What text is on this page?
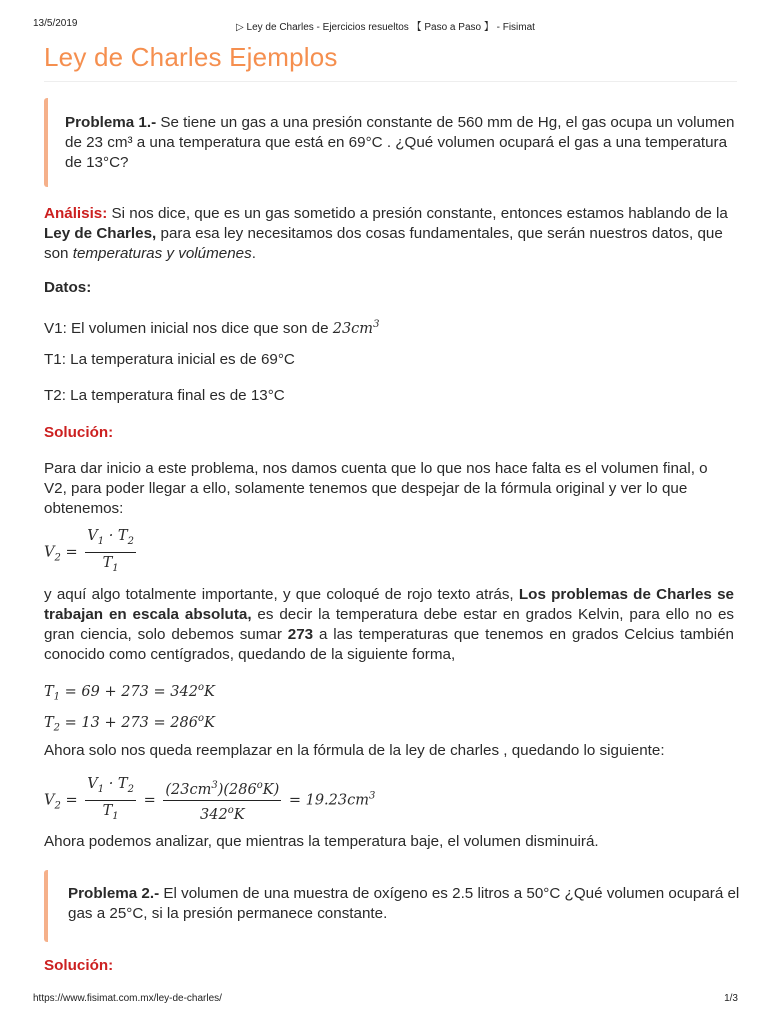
13/5/2019	▷ Ley de Charles - Ejercicios resueltos 【 Paso a Paso 】 - Fisimat
Ley de Charles Ejemplos
Problema 1.- Se tiene un gas a una presión constante de 560 mm de Hg, el gas ocupa un volumen de 23 cm³ a una temperatura que está en 69°C . ¿Qué volumen ocupará el gas a una temperatura de 13°C?

Análisis: Si nos dice, que es un gas sometido a presión constante, entonces estamos hablando de la Ley de Charles, para esa ley necesitamos dos cosas fundamentales, que serán nuestros datos, que son temperaturas y volúmenes.

Datos:

V1: El volumen inicial nos dice que son de $23cm^3$

T1: La temperatura inicial es de 69°C

T2: La temperatura final es de 13°C

Solución:

Para dar inicio a este problema, nos damos cuenta que lo que nos hace falta es el volumen final, o V2, para poder llegar a ello, solamente tenemos que despejar de la fórmula original y ver lo que obtenemos:

$V_2 = \frac{V_1 \cdot T_2}{T_1}$

y aquí algo totalmente importante, y que coloqué de rojo texto atrás, Los problemas de Charles se trabajan en escala absoluta, es decir la temperatura debe estar en grados Kelvin, para ello no es gran ciencia, solo debemos sumar 273 a las temperaturas que tenemos en grados Celcius también conocido como centígrados, quedando de la siguiente forma,

$T_1 = 69 + 273 = 342^oK$
$T_2 = 13 + 273 = 286^oK$

Ahora solo nos queda reemplazar en la fórmula de la ley de charles , quedando lo siguiente:

$V_2 = \frac{V_1 \cdot T_2}{T_1} = \frac{(23cm^3)(286^oK)}{342^oK} = 19.23cm^3$

Ahora podemos analizar, que mientras la temperatura baje, el volumen disminuirá.

Problema 2.- El volumen de una muestra de oxígeno es 2.5 litros a 50°C ¿Qué volumen ocupará el gas a 25°C, si la presión permanece constante.

Solución:

https://www.fisimat.com.mx/ley-de-charles/	1/3
